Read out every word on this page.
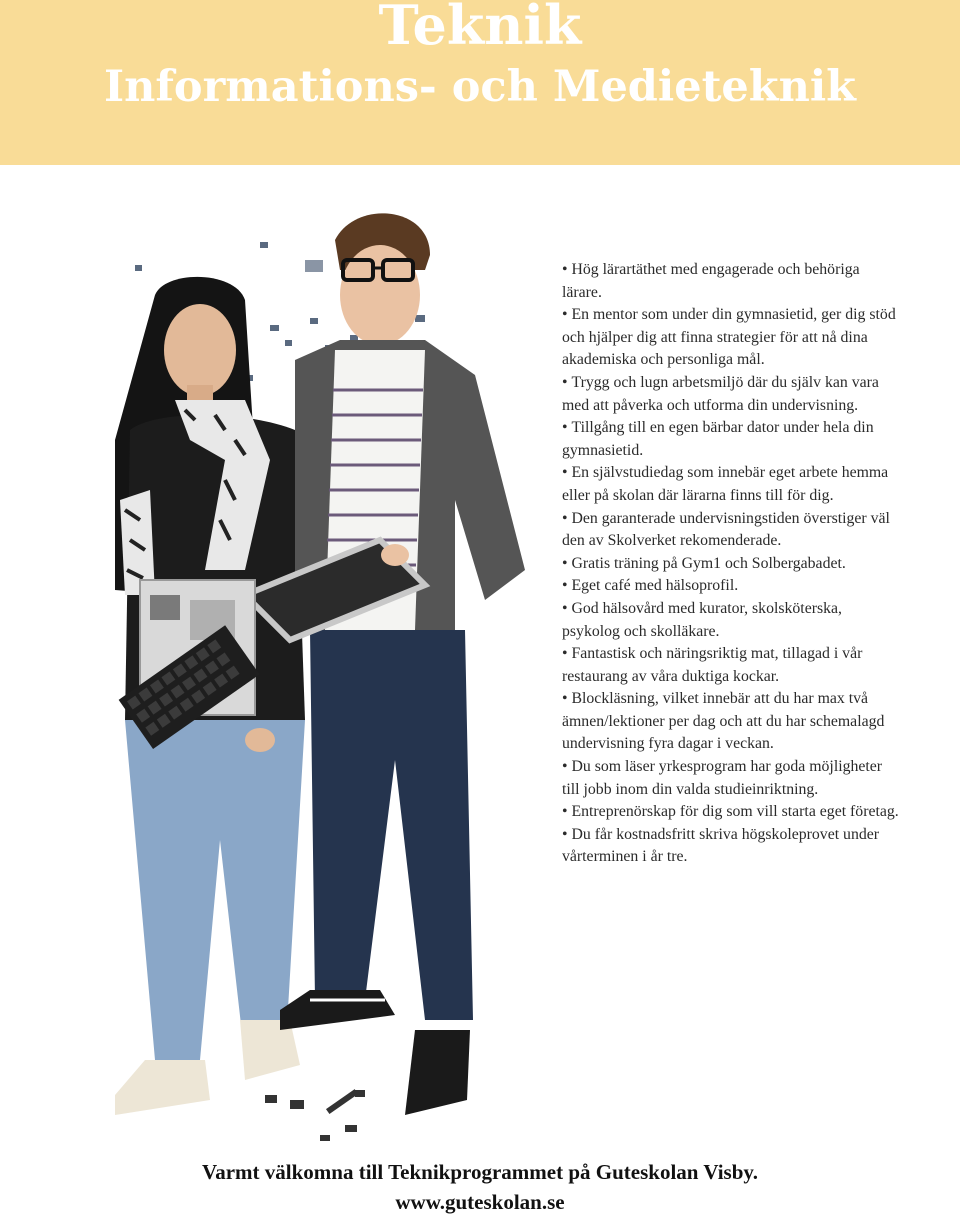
Teknik
Informations- och Medieteknik
• Hög lärartäthet med engagerade och behöriga lärare.
• En mentor som under din gymnasietid, ger dig stöd och hjälper dig att finna strategier för att nå dina akademiska och personliga mål.
• Trygg och lugn arbetsmiljö där du själv kan vara med att påverka och utforma din undervisning.
• Tillgång till en egen bärbar dator under hela din gymnasietid.
• En självstudiedag som innebär eget arbete hemma eller på skolan där lärarna finns till för dig.
• Den garanterade undervisningstiden överstiger väl den av Skolverket rekomenderade.
• Gratis träning på Gym1 och Solbergabadet.
• Eget café med hälsoprofil.
• God hälsovård med kurator, skolsköterska, psykolog och skolläkare.
• Fantastisk och näringsriktig mat, tillagad i vår restaurang av våra duktiga kockar.
• Blockläsning, vilket innebär att du har max två ämnen/lektioner per dag och att du har schemalagd undervisning fyra dagar i veckan.
• Du som läser yrkesprogram har goda möjligheter till jobb inom din valda studieinriktning.
• Entreprenörskap för dig som vill starta eget företag.
• Du får kostnadsfritt skriva högskoleprovet under vårterminen i år tre.
Varmt välkomna till Teknikprogrammet på Guteskolan Visby.
www.guteskolan.se
